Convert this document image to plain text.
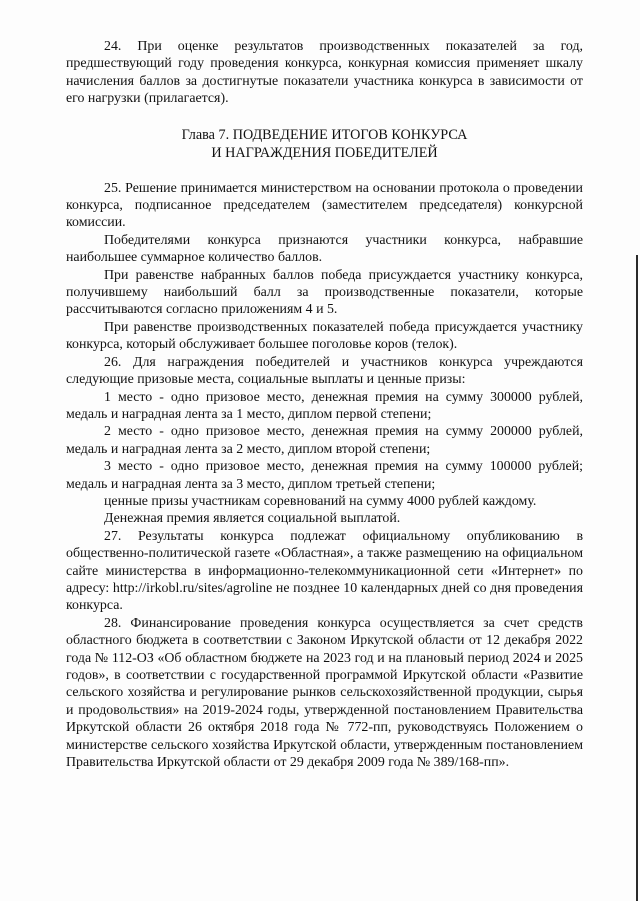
24. При оценке результатов производственных показателей за год, предшествующий году проведения конкурса, конкурная комиссия применяет шкалу начисления баллов за достигнутые показатели участника конкурса в зависимости от его нагрузки (прилагается).

Глава 7. ПОДВЕДЕНИЕ ИТОГОВ КОНКУРСА
И НАГРАЖДЕНИЯ ПОБЕДИТЕЛЕЙ

25. Решение принимается министерством на основании протокола о проведении конкурса, подписанное председателем (заместителем председателя) конкурсной комиссии.

Победителями конкурса признаются участники конкурса, набравшие наибольшее суммарное количество баллов.

При равенстве набранных баллов победа присуждается участнику конкурса, получившему наибольший балл за производственные показатели, которые рассчитываются согласно приложениям 4 и 5.

При равенстве производственных показателей победа присуждается участнику конкурса, который обслуживает большее поголовье коров (телок).

26. Для награждения победителей и участников конкурса учреждаются следующие призовые места, социальные выплаты и ценные призы:

1 место - одно призовое место, денежная премия на сумму 300000 рублей, медаль и наградная лента за 1 место, диплом первой степени;

2 место - одно призовое место, денежная премия на сумму 200000 рублей, медаль и наградная лента за 2 место, диплом второй степени;

3 место - одно призовое место, денежная премия на сумму 100000 рублей; медаль и наградная лента за 3 место, диплом третьей степени;

ценные призы участникам соревнований на сумму 4000 рублей каждому.

Денежная премия является социальной выплатой.

27. Результаты конкурса подлежат официальному опубликованию в общественно-политической газете «Областная», а также размещению на официальном сайте министерства в информационно-телекоммуникационной сети «Интернет» по адресу: http://irkobl.ru/sites/agroline не позднее 10 календарных дней со дня проведения конкурса.

28. Финансирование проведения конкурса осуществляется за счет средств областного бюджета в соответствии с Законом Иркутской области от 12 декабря 2022 года № 112-ОЗ «Об областном бюджете на 2023 год и на плановый период 2024 и 2025 годов», в соответствии с государственной программой Иркутской области «Развитие сельского хозяйства и регулирование рынков сельскохозяйственной продукции, сырья и продовольствия» на 2019-2024 годы, утвержденной постановлением Правительства Иркутской области 26 октября 2018 года № 772-пп, руководствуясь Положением о министерстве сельского хозяйства Иркутской области, утвержденным постановлением Правительства Иркутской области от 29 декабря 2009 года № 389/168-пп».
